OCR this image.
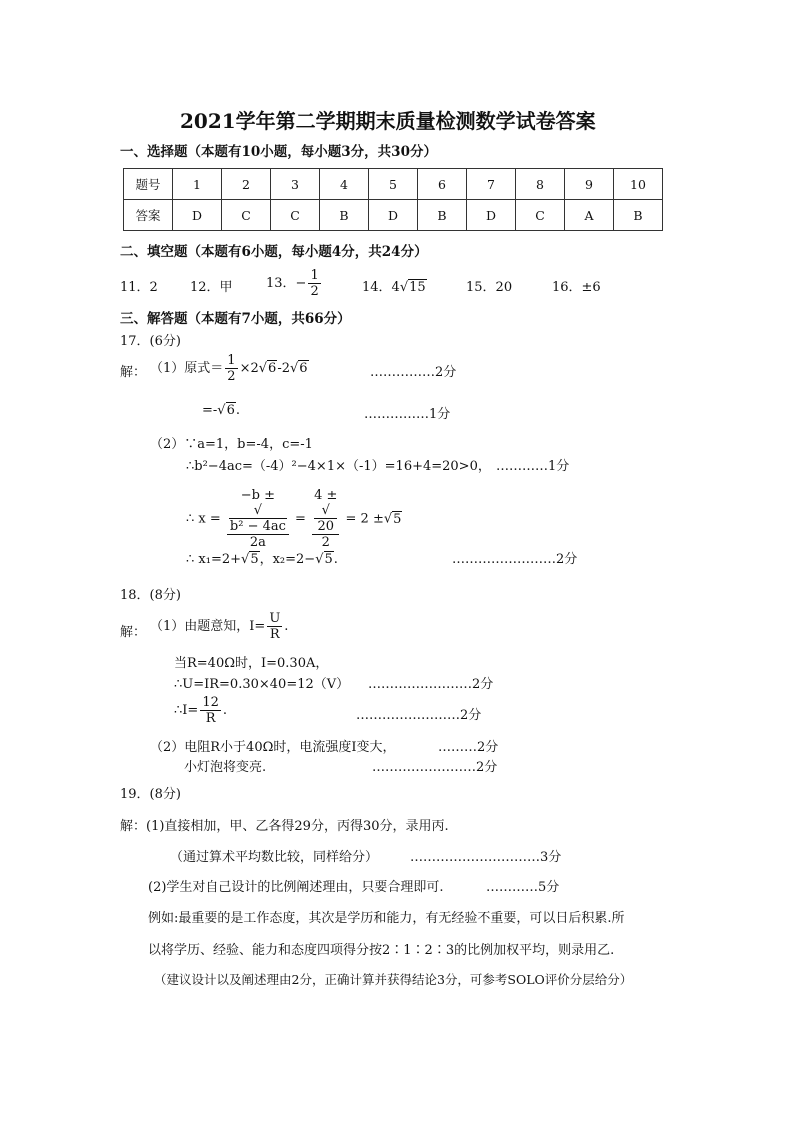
2021学年第二学期期末质量检测数学试卷答案
一、选择题（本题有10小题，每小题3分，共30分）
题号	1	2	3	4	5	6	7	8	9	10
答案	D	C	C	B	D	B	D	C	A	B
二、填空题（本题有6小题，每小题4分，共24分）
11．2 12．甲	13．− $\frac{1}{2}$	14．4√15	15．20	16．±6
三、解答题（本题有7小题，共66分）
17．(6分)
解： （1）原式＝ $\frac{1}{2} \times 2√6-2√6$	……………2分
=-√6.	……………1分
（2）∵a=1，b=-4，c=-1
∴b²−4ac=（-4）²−4×1×（-1）=16+4=20>0， …………1分
∴ x = −b ±
√
b² − 4ac
2a = 4 ±
√
20
2 = 2 ±√5
∴ x₁=2+√5，x₂=2−√5.	……………………2分
18．(8分)
解： （1）由题意知，$I= \frac{U}{R}$ .
当R=40Ω时，I=0.30A，
∴U=IR=0.30×40=12（V） ……………………2分
∴I= $\frac{12}{R}$ .	……………………2分
（2）电阻R小于40Ω时，电流强度I变大，	………2分
小灯泡将变亮.	……………………2分
19．(8分)
解：(1)直接相加，甲、乙各得29分，丙得30分，录用丙.
（通过算术平均数比较，同样给分） …………………………3分
(2)学生对自己设计的比例阐述理由，只要合理即可.	…………5分
例如:最重要的是工作态度，其次是学历和能力，有无经验不重要，可以日后积累.所
以将学历、经验、能力和态度四项得分按2∶1∶2∶3的比例加权平均，则录用乙.
（建议设计以及阐述理由2分，正确计算并获得结论3分，可参考SOLO评价分层给分）
